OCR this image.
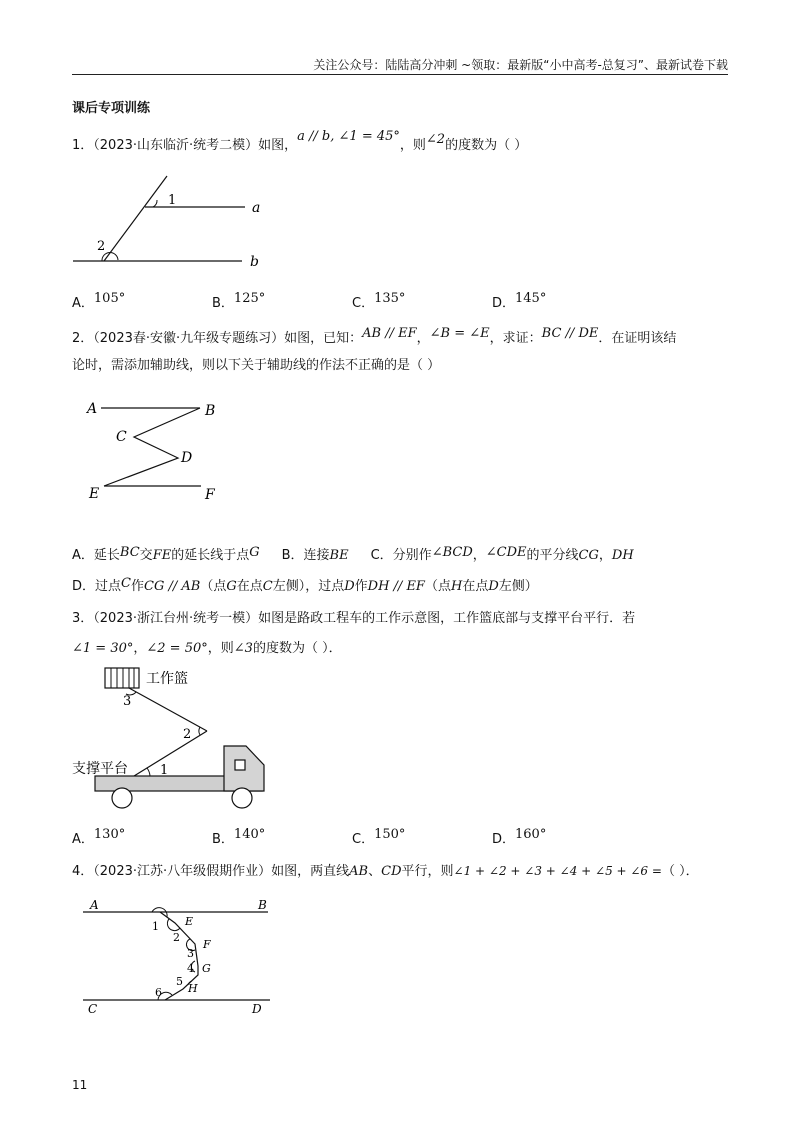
关注公众号：陆陆高分冲刺 ~领取：最新版“小中高考-总复习”、最新试卷下载
课后专项训练
1．（2023·山东临沂·统考二模）如图，a // b, ∠1 = 45°，则∠2的度数为（ ）
1	a
2
b
A．105°	B．125°	C．135°	D．145°
2．（2023春·安徽·九年级专题练习）如图，已知：AB // EF，∠B = ∠E，求证：BC // DE．在证明该结
论时，需添加辅助线，则以下关于辅助线的作法不正确的是（ ）
A	B
C
D
E	F
A．延长BC交FE的延长线于点G B．连接BE C．分别作∠BCD，∠CDE的平分线CG，DH
D．过点C作CG // AB（点G在点C左侧），过点D作DH // EF（点H在点D左侧）
3．（2023·浙江台州·统考一模）如图是路政工程车的工作示意图，工作篮底部与支撑平台平行．若
∠1 = 30°，∠2 = 50°，则∠3的度数为（ ）．
工作篮
3
2
支撑平台 1
A．130°	B．140°	C．150°	D．160°
4．（2023·江苏·八年级假期作业）如图，两直线AB、CD平行，则∠1 + ∠2 + ∠3 + ∠4 + ∠5 + ∠6 =（ ）．
A	B
E
1
2
F
3
4 G
5
H
6
C	D
11
